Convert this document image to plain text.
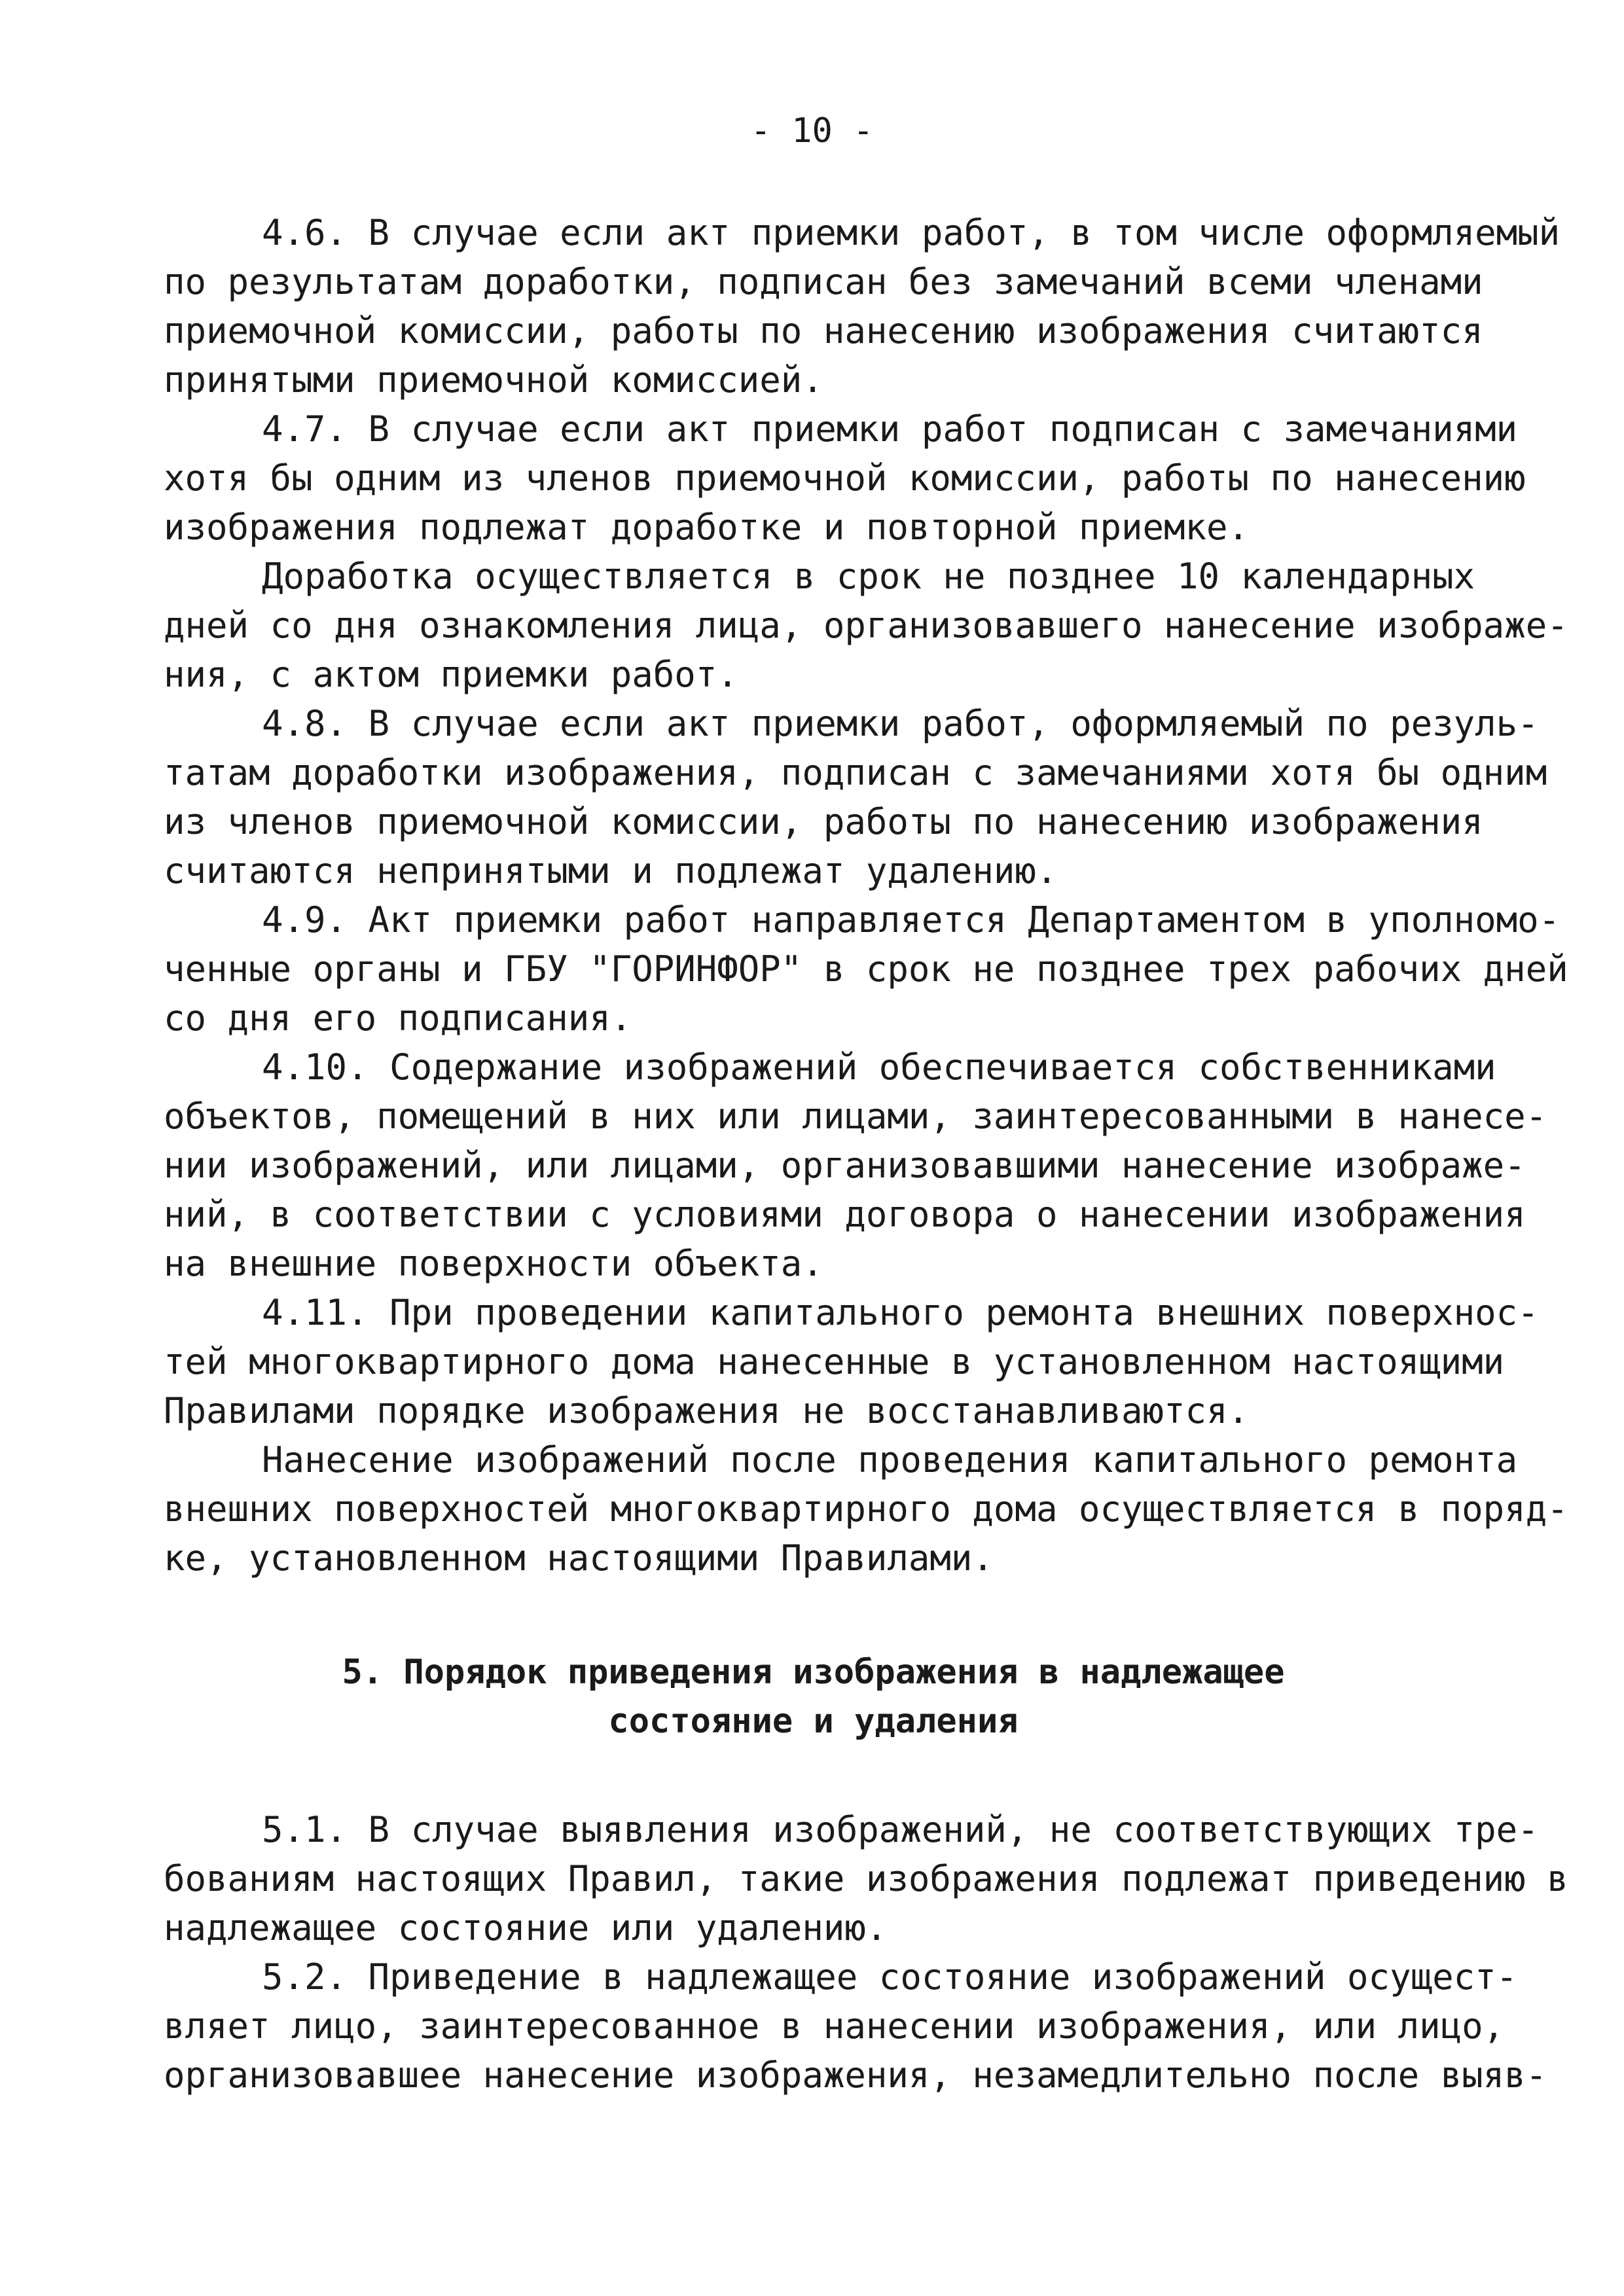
- 10 -

4.6. В случае если акт приемки работ, в том числе оформляемый
по результатам доработки, подписан без замечаний всеми членами
приемочной комиссии, работы по нанесению изображения считаются
принятыми приемочной комиссией.

4.7. В случае если акт приемки работ подписан с замечаниями
хотя бы одним из членов приемочной комиссии, работы по нанесению
изображения подлежат доработке и повторной приемке.

Доработка осуществляется в срок не позднее 10 календарных
дней со дня ознакомления лица, организовавшего нанесение изображе-
ния, с актом приемки работ.

4.8. В случае если акт приемки работ, оформляемый по резуль-
татам доработки изображения, подписан с замечаниями хотя бы одним
из членов приемочной комиссии, работы по нанесению изображения
считаются непринятыми и подлежат удалению.

4.9. Акт приемки работ направляется Департаментом в уполномо-
ченные органы и ГБУ "ГОРИНФОР" в срок не позднее трех рабочих дней
со дня его подписания.

4.10. Содержание изображений обеспечивается собственниками
объектов, помещений в них или лицами, заинтересованными в нанесе-
нии изображений, или лицами, организовавшими нанесение изображе-
ний, в соответствии с условиями договора о нанесении изображения
на внешние поверхности объекта.

4.11. При проведении капитального ремонта внешних поверхнос-
тей многоквартирного дома нанесенные в установленном настоящими
Правилами порядке изображения не восстанавливаются.

Нанесение изображений после проведения капитального ремонта
внешних поверхностей многоквартирного дома осуществляется в поряд-
ке, установленном настоящими Правилами.

5. Порядок приведения изображения в надлежащее
состояние и удаления

5.1. В случае выявления изображений, не соответствующих тре-
бованиям настоящих Правил, такие изображения подлежат приведению в
надлежащее состояние или удалению.

5.2. Приведение в надлежащее состояние изображений осущест-
вляет лицо, заинтересованное в нанесении изображения, или лицо,
организовавшее нанесение изображения, незамедлительно после выяв-
